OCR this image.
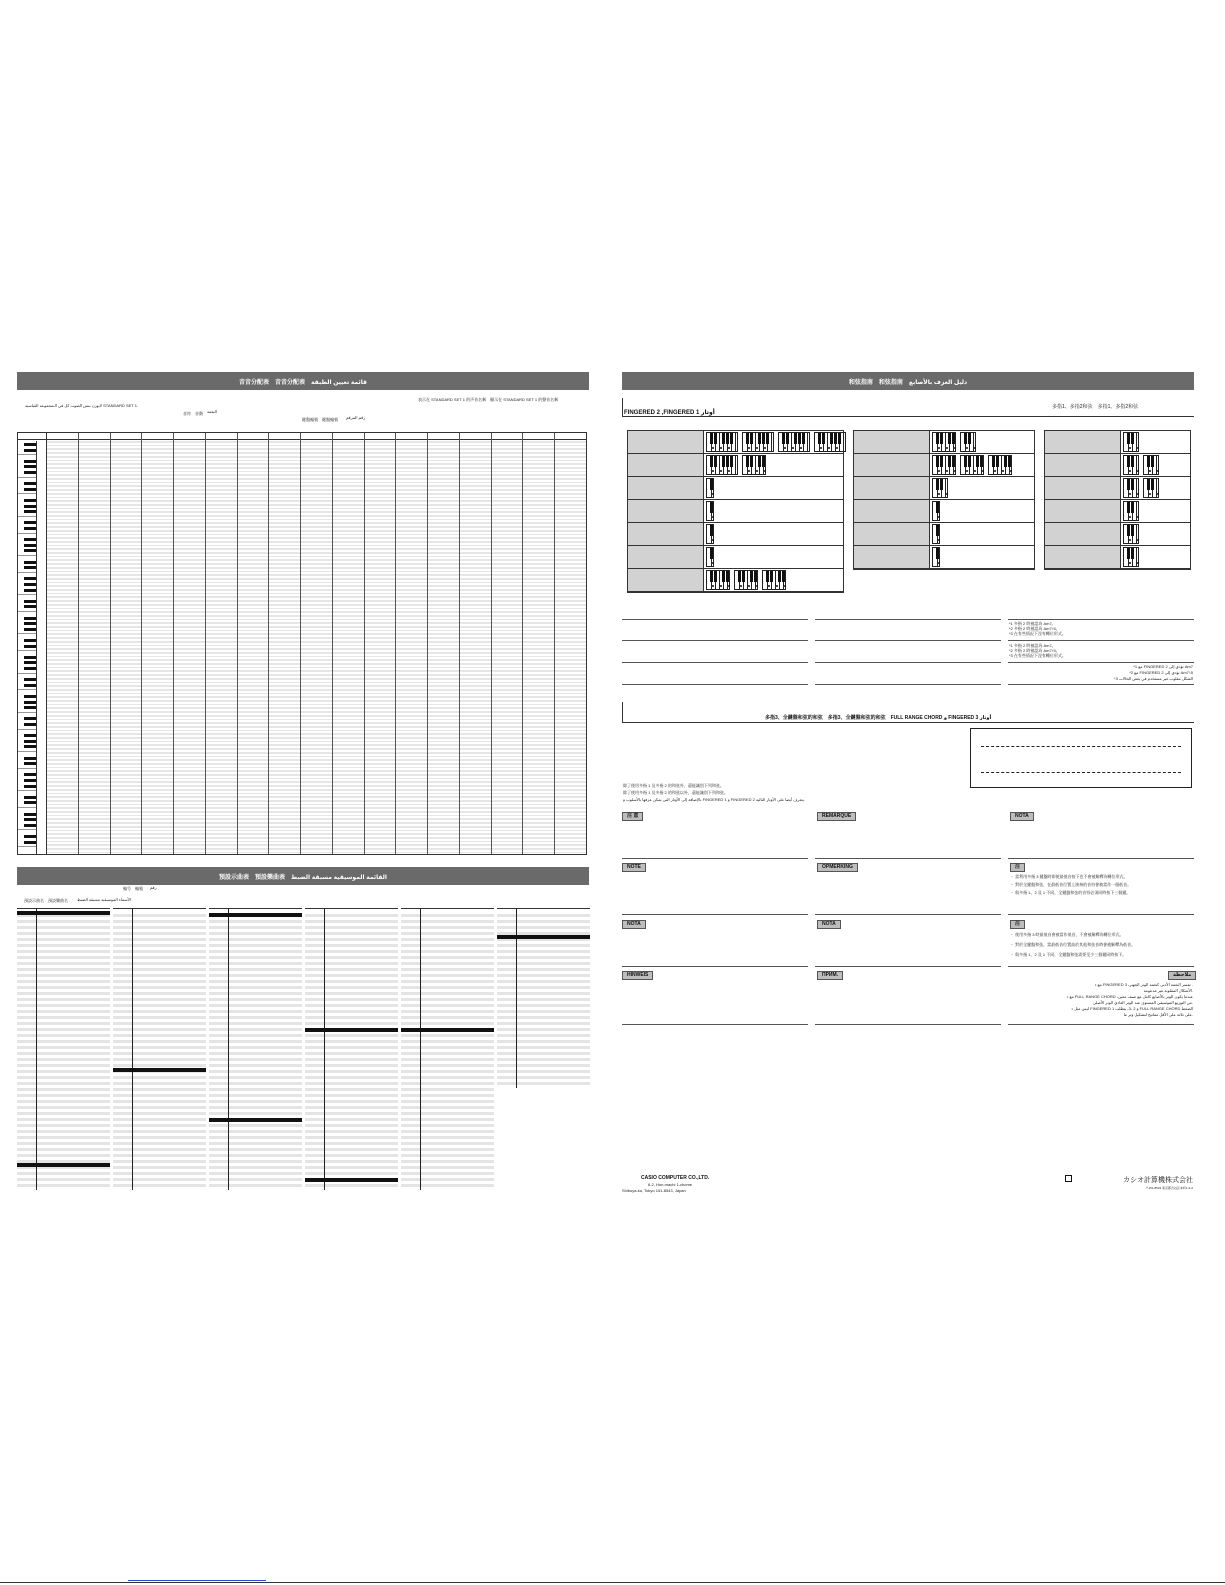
音音分配表　音音分配表　قائمة تعيين الطبقة
لايوزن بنس الصوت كل في الـمجموعة القياسية STANDARD SET 1.
表示在 STANDARD SET 1 的声音名稱　顯示在 STANDARD SET 1 的聲音名稱
音符　音階 النغمة
鍵盤編號　鍵盤編號 رقم المرقم
預設示曲表　預設樂曲表　القائمة الموسيقية مسبقة الضبط
編号　編號 رقم
預設示曲名　預設樂曲名 الأسماء الموسيقية مسبقة الضبط
和弦指南　和弦指南　دليل العزف بالأصابع
FINGERED 2 ,FINGERED 1 أوتار
多指1、多指2和弦　多指1、多指2和弦
*1 多指 2 時被認為 Am7。
*2 多指 2 時被認為 Am7♭5。
*3 在有些情況下沒有轉位形式。
*1 多指 2 時被認為 Am7。
*2 多指 2 時被認為 Am7♭5。
*3 在有些情況下沒有轉位形式。
*1 مع FINGERED 2 تؤدي إلى Am7
*2 مع FINGERED 2 تؤدي إلى Am7♭5
*3 الشكل مقلوب غير مستخدم في بعض الحالات
多指3、全鍵盤和弦的和弦　多指3、全鍵盤和弦的和弦　FULL RANGE CHORD و FINGERED 3 أوتار
除了使用多指 1 及多指 2 的和弦外，還能識別下列和弦。
除了使用多指 1 及多指 2 的和弦以外，還能識別下列和弦。
بالإضافة إلى الأوتار التي يمكن عزفها بالأسلوب و FINGERED 1 و FINGERED 2 يتعرف أيضا على الأوتار التالية.
注 意	REMARQUE	NOTA
NOTE	OPMERKING	注
・ 當利用多指 3 鍵盤時即使最低音按下也不會被解釋為轉位形式。
・ 對於全鍵盤和弦，在最低音位置上演奏的音符會被當作一個低音。
・ 與多指 1、2 及 1 不同，全鍵盤和弦的音符必須同時按下三個鍵。
NOTA	NOTA	注
・ 使用多指 3 時最低音會被當作低音，不會被解釋為轉位形式。
・ 對於全鍵盤和弦，當最低音位置高於其他和弦音時會被解釋為低音。
・ 與多指 1、2 及 1 不同，全鍵盤和弦需要至少三個鍵同時按下。
HINWEIS	ПРИМ.	ملاحظة
• مع FINGERED 3 ،تفسر النغمة الأدنى كنغمة الوتر الجهير .
الأشكال المقلوبة غير مدعومة.
• مع FULL RANGE CHORD ،عندما يكون الوتر بالأصابع كامل مع صنف معين
من التوزيع الموسيقي المستوى عند الوتر العادي الوتر الأصلي.
• ليس مثل FINGERED 1 و 2 ،3، يتطلب FULL RANGE CHORD الضغط
على ثلاثة على الأقل مفاتيح لتشكيل وتر ما.
CASIO COMPUTER CO.,LTD.
6-2, Hon-machi 1-chome
Shibuya-ku, Tokyo 151-8543, Japan
カシオ計算機株式会社
〒151-8543 東京都渋谷区本町1-6-2
